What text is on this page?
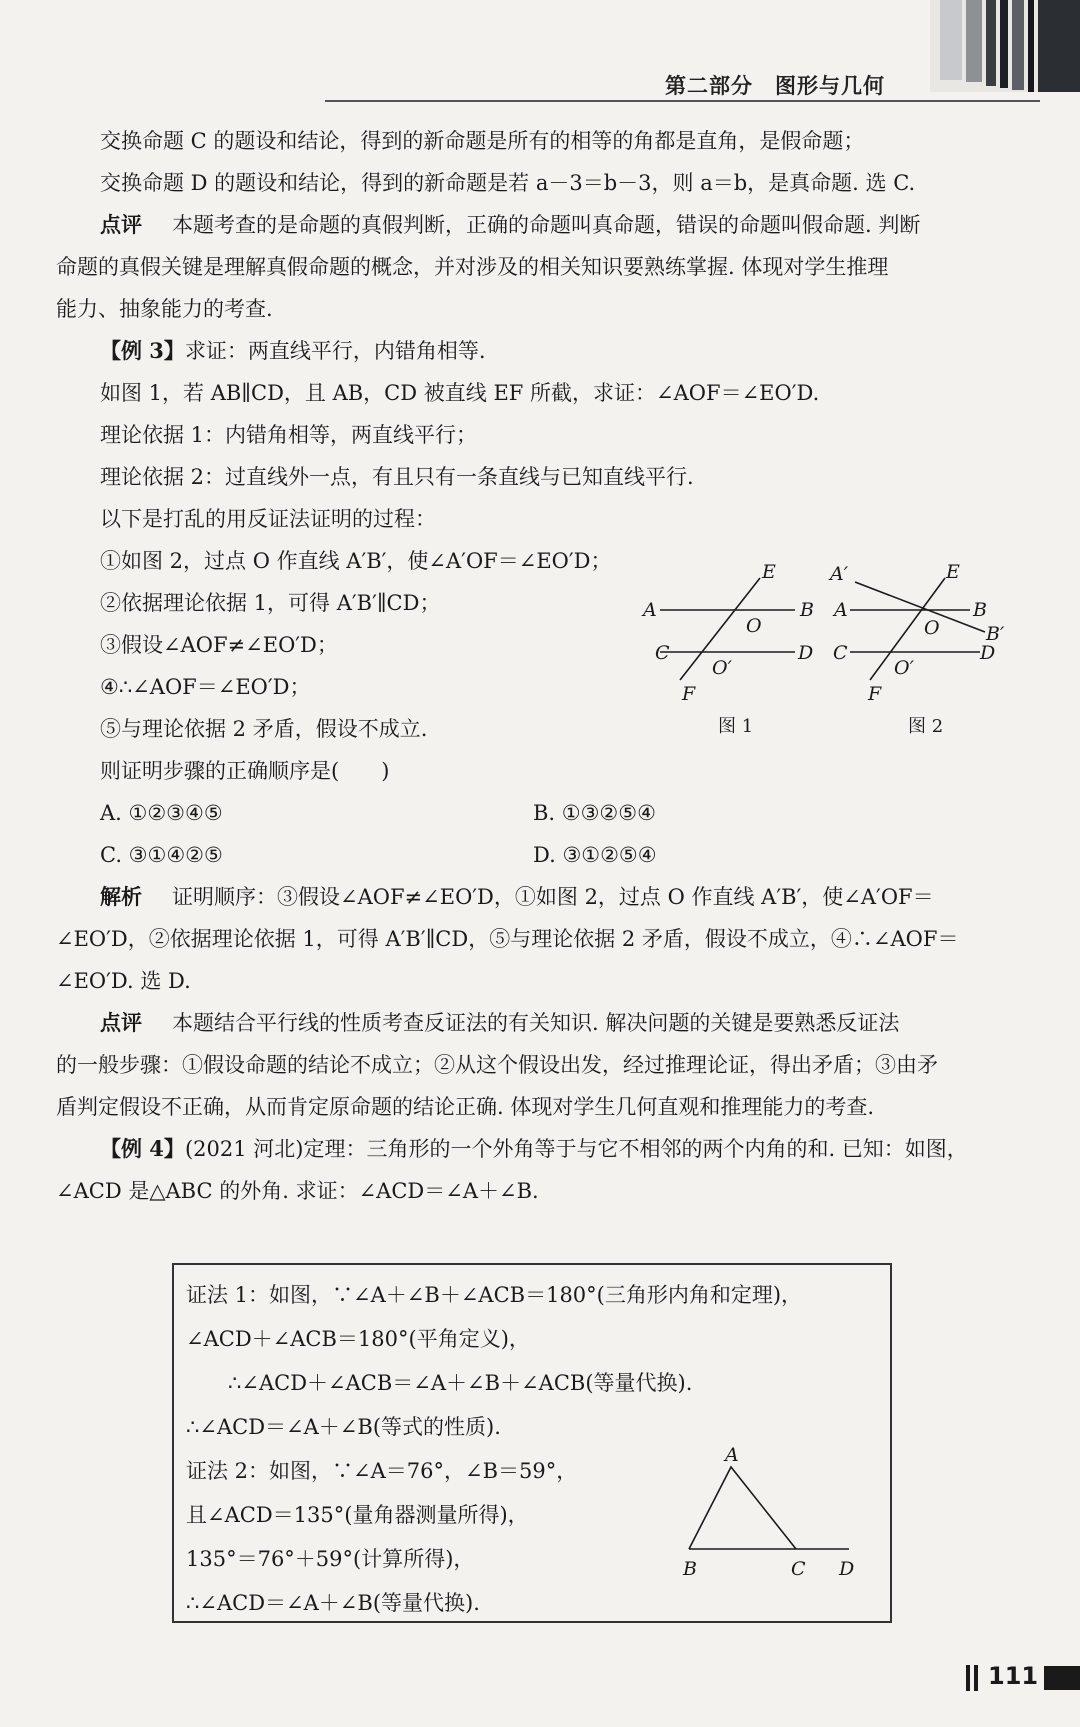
第二部分　图形与几何
交换命题 C 的题设和结论，得到的新命题是所有的相等的角都是直角，是假命题；
交换命题 D 的题设和结论，得到的新命题是若 a－3＝b－3，则 a＝b，是真命题. 选 C.
点评 本题考查的是命题的真假判断，正确的命题叫真命题，错误的命题叫假命题. 判断
命题的真假关键是理解真假命题的概念，并对涉及的相关知识要熟练掌握. 体现对学生推理
能力、抽象能力的考查.
【例 3】求证：两直线平行，内错角相等.
如图 1，若 AB∥CD，且 AB，CD 被直线 EF 所截，求证：∠AOF＝∠EO′D.
理论依据 1：内错角相等，两直线平行；
理论依据 2：过直线外一点，有且只有一条直线与已知直线平行.
以下是打乱的用反证法证明的过程：
①如图 2，过点 O 作直线 A′B′，使∠A′OF＝∠EO′D；
②依据理论依据 1，可得 A′B′∥CD；
③假设∠AOF≠∠EO′D；
④∴∠AOF＝∠EO′D；
⑤与理论依据 2 矛盾，假设不成立.
则证明步骤的正确顺序是(　　)
A. ①②③④⑤	B. ①③②⑤④
C. ③①④②⑤	D. ③①②⑤④
解析 证明顺序：③假设∠AOF≠∠EO′D，①如图 2，过点 O 作直线 A′B′，使∠A′OF＝
∠EO′D，②依据理论依据 1，可得 A′B′∥CD，⑤与理论依据 2 矛盾，假设不成立，④∴∠AOF＝
∠EO′D. 选 D.
点评 本题结合平行线的性质考查反证法的有关知识. 解决问题的关键是要熟悉反证法
的一般步骤：①假设命题的结论不成立；②从这个假设出发，经过推理论证，得出矛盾；③由矛
盾判定假设不正确，从而肯定原命题的结论正确. 体现对学生几何直观和推理能力的考查.
【例 4】(2021 河北)定理：三角形的一个外角等于与它不相邻的两个内角的和. 已知：如图，
∠ACD 是△ABC 的外角. 求证：∠ACD＝∠A＋∠B.
A	B
C	D
E
F
O
O′
图 1
A′
A	B
B′
C	D
E
F
O
O′
图 2
证法 1：如图，∵∠A＋∠B＋∠ACB＝180°(三角形内角和定理)，
∠ACD＋∠ACB＝180°(平角定义)，
∴∠ACD＋∠ACB＝∠A＋∠B＋∠ACB(等量代换).
∴∠ACD＝∠A＋∠B(等式的性质).
证法 2：如图，∵∠A＝76°，∠B＝59°，
且∠ACD＝135°(量角器测量所得)，
135°＝76°＋59°(计算所得)，
∴∠ACD＝∠A＋∠B(等量代换).
A
B	C D
111
